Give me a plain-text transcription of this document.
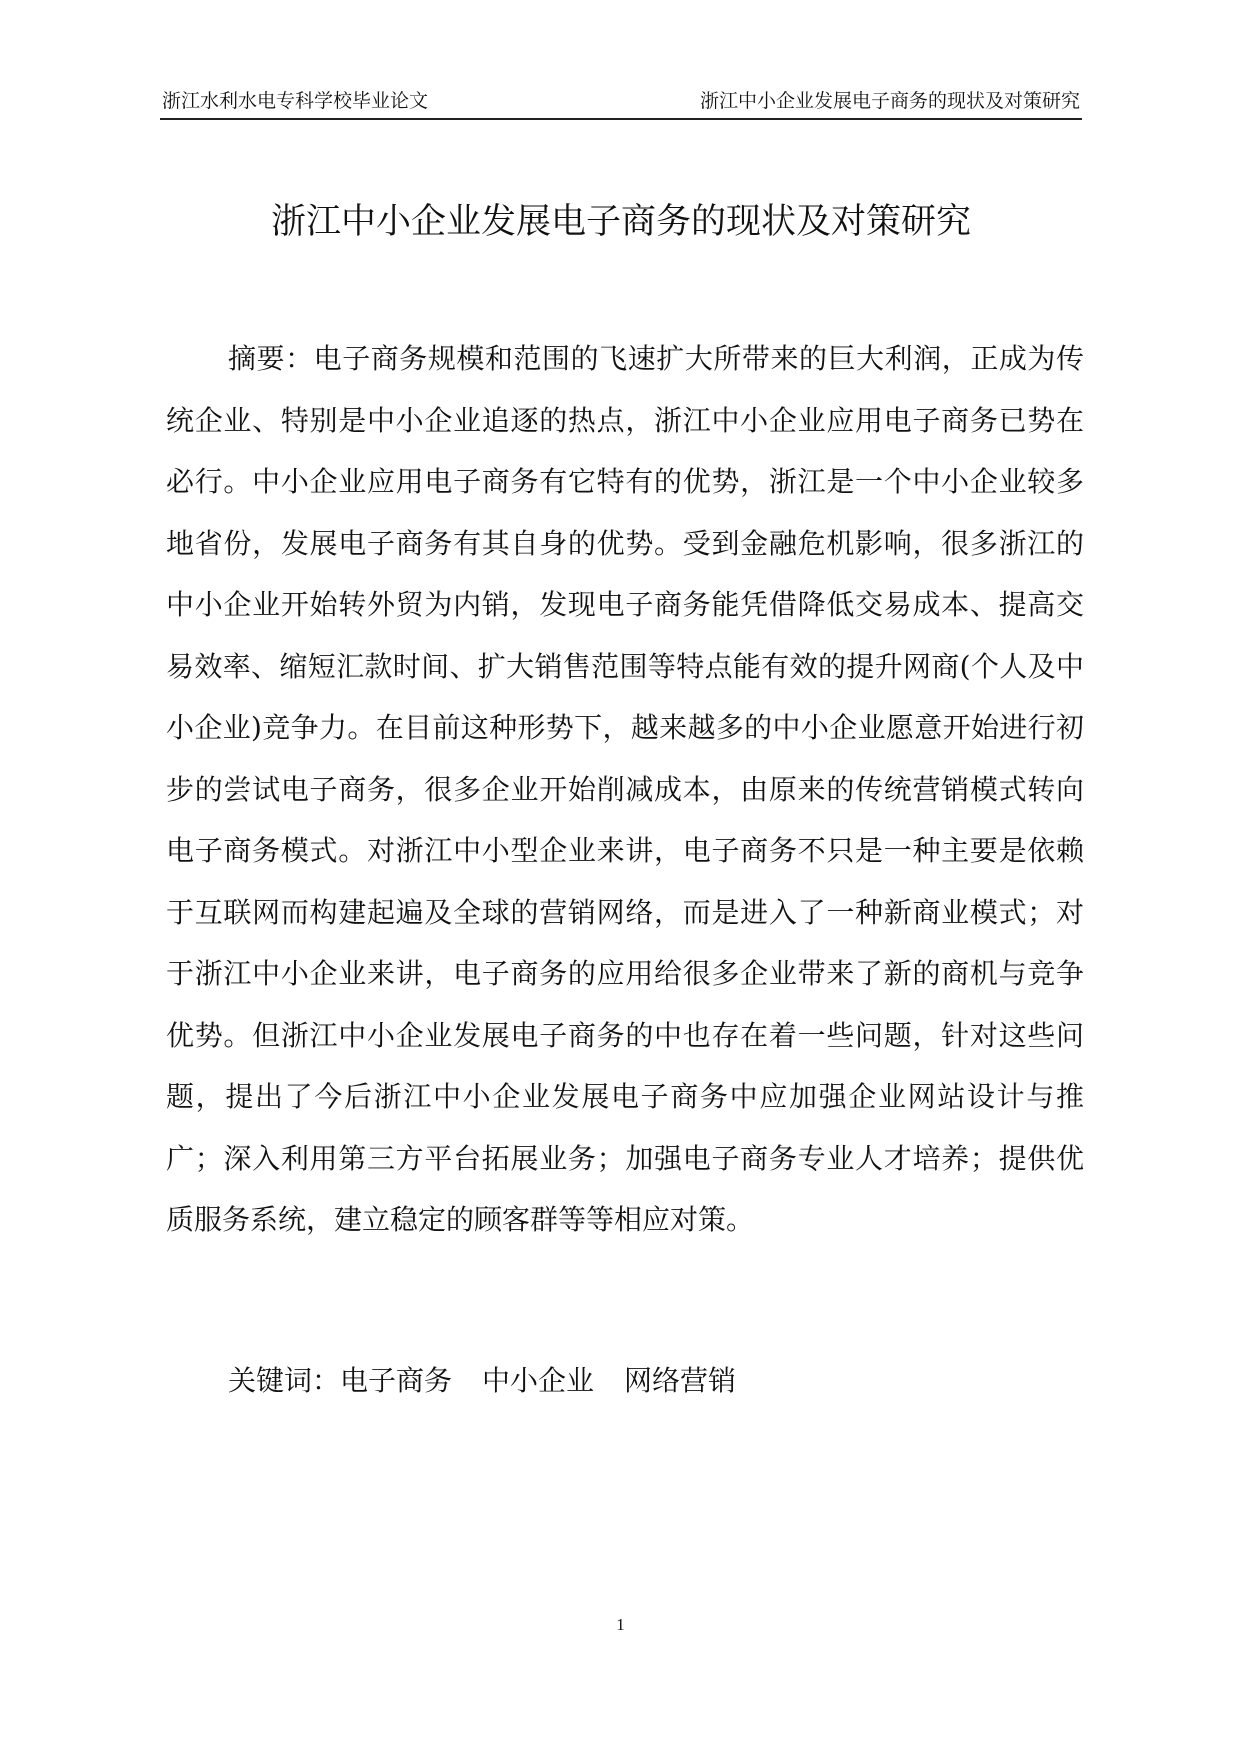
浙江水利水电专科学校毕业论文	浙江中小企业发展电子商务的现状及对策研究
浙江中小企业发展电子商务的现状及对策研究

摘要：电子商务规模和范围的飞速扩大所带来的巨大利润，正成为传统企业、特别是中小企业追逐的热点，浙江中小企业应用电子商务已势在必行。中小企业应用电子商务有它特有的优势，浙江是一个中小企业较多地省份，发展电子商务有其自身的优势。受到金融危机影响，很多浙江的中小企业开始转外贸为内销，发现电子商务能凭借降低交易成本、提高交易效率、缩短汇款时间、扩大销售范围等特点能有效的提升网商(个人及中小企业)竞争力。在目前这种形势下，越来越多的中小企业愿意开始进行初步的尝试电子商务，很多企业开始削减成本，由原来的传统营销模式转向电子商务模式。对浙江中小型企业来讲，电子商务不只是一种主要是依赖于互联网而构建起遍及全球的营销网络，而是进入了一种新商业模式；对于浙江中小企业来讲，电子商务的应用给很多企业带来了新的商机与竞争优势。但浙江中小企业发展电子商务的中也存在着一些问题，针对这些问题，提出了今后浙江中小企业发展电子商务中应加强企业网站设计与推广；深入利用第三方平台拓展业务；加强电子商务专业人才培养；提供优质服务系统，建立稳定的顾客群等等相应对策。

关键词：电子商务 中小企业 网络营销
1
